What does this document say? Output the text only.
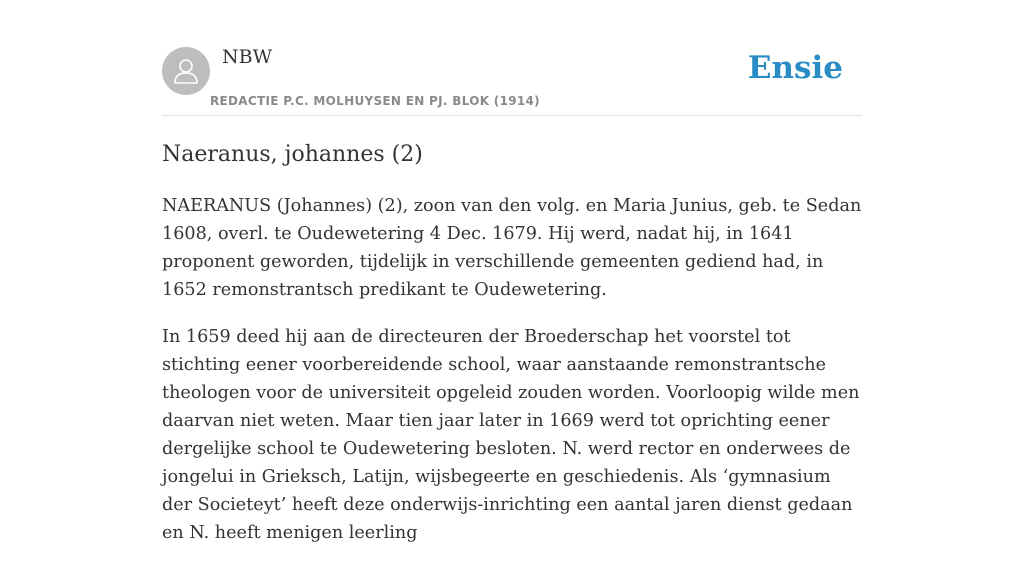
NBW
REDACTIE P.C. MOLHUYSEN EN PJ. BLOK (1914)
Ensie
Naeranus, johannes (2)

NAERANUS (Johannes) (2), zoon van den volg. en Maria Junius, geb. te Sedan 1608, overl. te Oudewetering 4 Dec. 1679. Hij werd, nadat hij, in 1641 proponent geworden, tijdelijk in verschillende gemeenten gediend had, in 1652 remonstrantsch predikant te Oudewetering.

In 1659 deed hij aan de directeuren der Broederschap het voorstel tot stichting eener voorbereidende school, waar aanstaande remonstrantsche theologen voor de universiteit opgeleid zouden worden. Voorloopig wilde men daarvan niet weten. Maar tien jaar later in 1669 werd tot oprichting eener dergelijke school te Oudewetering besloten. N. werd rector en onderwees de jongelui in Grieksch, Latijn, wijsbegeerte en geschiedenis. Als ‘gymnasium der Societeyt’ heeft deze onderwijs-inrichting een aantal jaren dienst gedaan en N. heeft menigen leerling
